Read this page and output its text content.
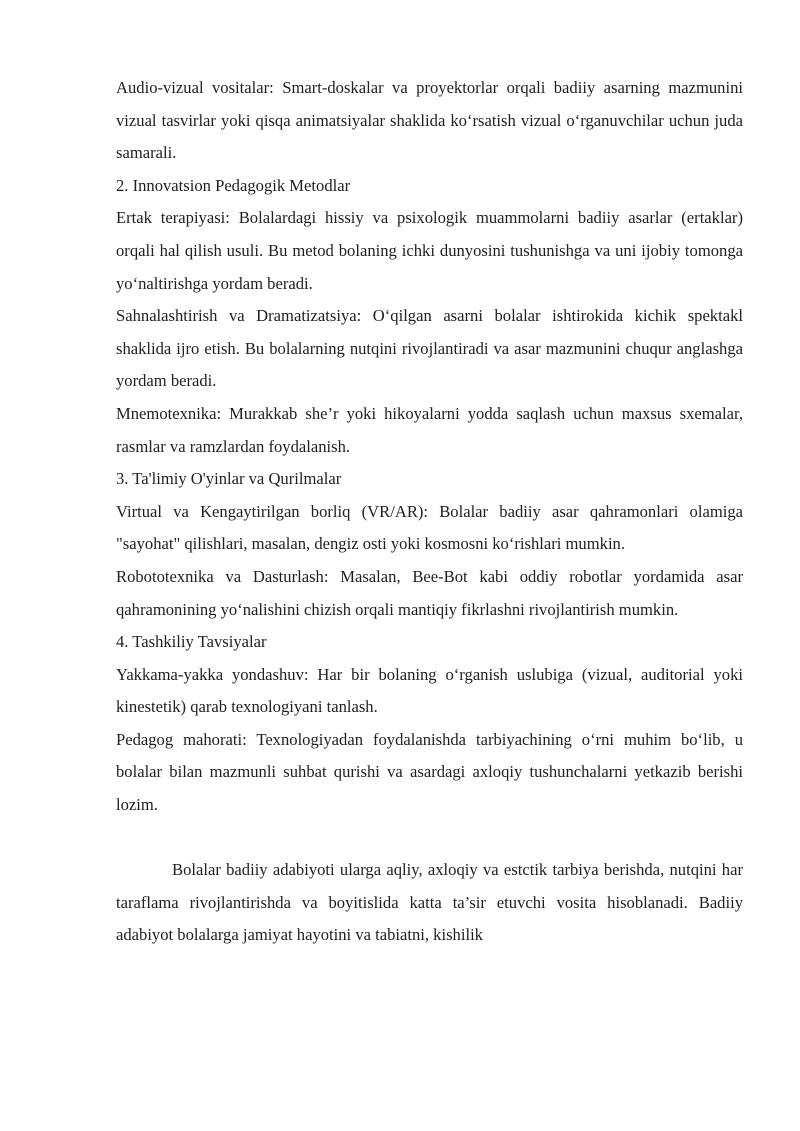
Audio-vizual vositalar: Smart-doskalar va proyektorlar orqali badiiy asarning mazmunini vizual tasvirlar yoki qisqa animatsiyalar shaklida ko‘rsatish vizual o‘rganuvchilar uchun juda samarali.

2. Innovatsion Pedagogik Metodlar

Ertak terapiyasi: Bolalardagi hissiy va psixologik muammolarni badiiy asarlar (ertaklar) orqali hal qilish usuli. Bu metod bolaning ichki dunyosini tushunishga va uni ijobiy tomonga yo‘naltirishga yordam beradi.

Sahnalashtirish va Dramatizatsiya: O‘qilgan asarni bolalar ishtirokida kichik spektakl shaklida ijro etish. Bu bolalarning nutqini rivojlantiradi va asar mazmunini chuqur anglashga yordam beradi.

Mnemotexnika: Murakkab she’r yoki hikoyalarni yodda saqlash uchun maxsus sxemalar, rasmlar va ramzlardan foydalanish.

3. Ta'limiy O'yinlar va Qurilmalar

Virtual va Kengaytirilgan borliq (VR/AR): Bolalar badiiy asar qahramonlari olamiga "sayohat" qilishlari, masalan, dengiz osti yoki kosmosni ko‘rishlari mumkin.

Robototexnika va Dasturlash: Masalan, Bee-Bot kabi oddiy robotlar yordamida asar qahramonining yo‘nalishini chizish orqali mantiqiy fikrlashni rivojlantirish mumkin.

4. Tashkiliy Tavsiyalar

Yakkama-yakka yondashuv: Har bir bolaning o‘rganish uslubiga (vizual, auditorial yoki kinestetik) qarab texnologiyani tanlash.

Pedagog mahorati: Texnologiyadan foydalanishda tarbiyachining o‘rni muhim bo‘lib, u bolalar bilan mazmunli suhbat qurishi va asardagi axloqiy tushunchalarni yetkazib berishi lozim.

Bolalar badiiy adabiyoti ularga aqliy, axloqiy va estctik tarbiya berishda, nutqini har taraflama rivojlantirishda va boyitislida katta ta’sir etuvchi vosita hisoblanadi. Badiiy adabiyot bolalarga jamiyat hayotini va tabiatni, kishilik
